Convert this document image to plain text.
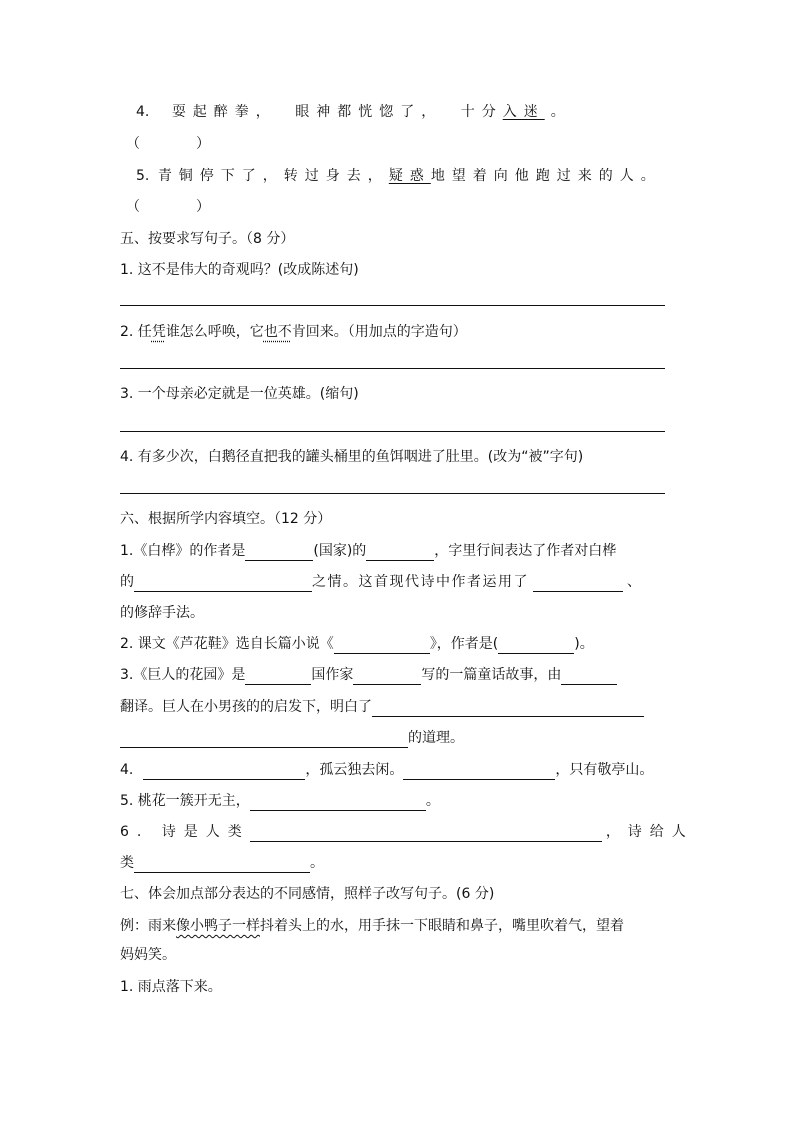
4. 耍起醉拳， 眼神都恍惚了， 十分入迷 。
（　　　　）
5. 青铜停下了，转过身去，疑惑地望着向他跑过来的人。
（　　　　）
五、按要求写句子。（8 分）
1. 这不是伟大的奇观吗？(改成陈述句)
2. 任凭谁怎么呼唤，它也不肯回来。（用加点的字造句）
3. 一个母亲必定就是一位英雄。(缩句)
4. 有多少次，白鹅径直把我的罐头桶里的鱼饵咽进了肚里。(改为“被”字句)
六、根据所学内容填空。（12 分）
1.《白桦》的作者是	(国家)的	，字里行间表达了作者对白桦
的	之情。这首现代诗中作者运用了	、
的修辞手法。
2. 课文《芦花鞋》选自长篇小说《	》，作者是(	)。
3.《巨人的花园》是	国作家	写的一篇童话故事，由
翻译。巨人在小男孩的的启发下，明白了
的道理。
4.	，孤云独去闲。	，只有敬亭山。
5. 桃花一簇开无主，	。
6. 诗是人类	，诗给人
类	。
七、体会加点部分表达的不同感情，照样子改写句子。(6 分)
例：雨来像小鸭子一样抖着头上的水，用手抹一下眼睛和鼻子，嘴里吹着气，望着
妈妈笑。
1. 雨点落下来。
